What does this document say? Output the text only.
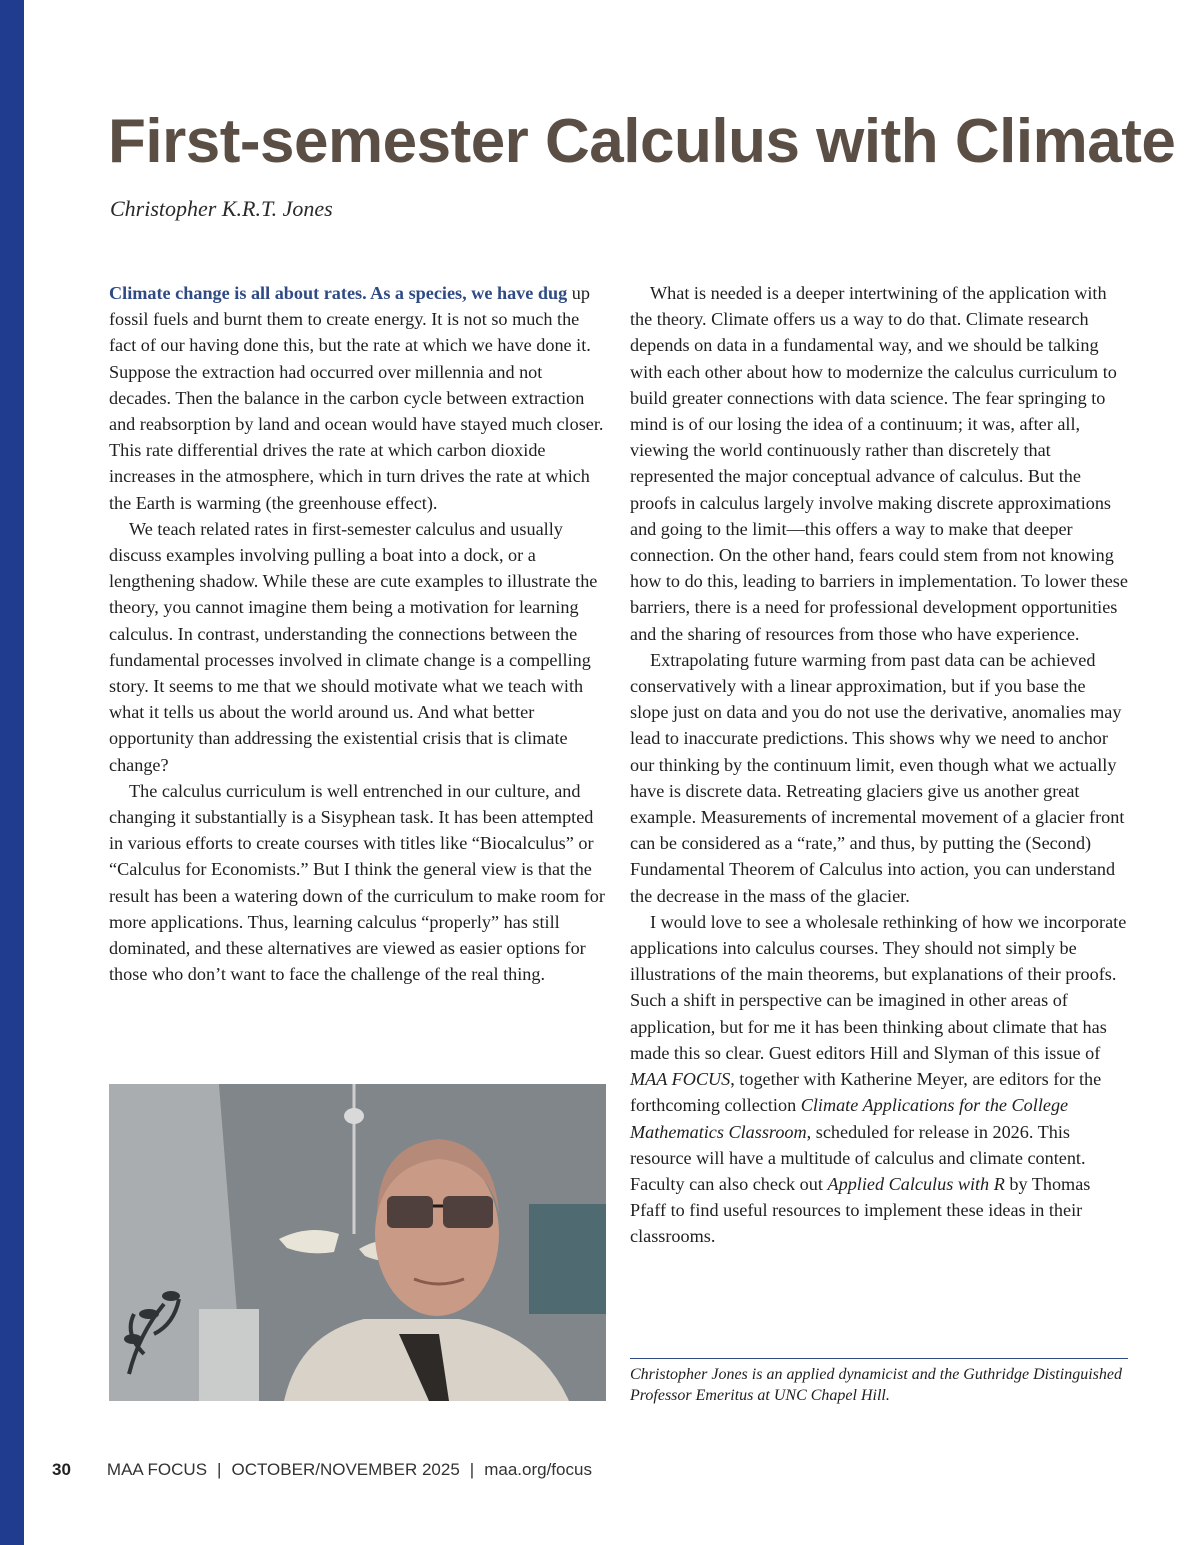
First-semester Calculus with Climate
Christopher K.R.T. Jones

Climate change is all about rates. As a species, we have dug up fossil fuels and burnt them to create energy. It is not so much the fact of our having done this, but the rate at which we have done it. Suppose the extraction had occurred over millennia and not decades. Then the balance in the carbon cycle between extraction and reabsorption by land and ocean would have stayed much closer. This rate differential drives the rate at which carbon dioxide increases in the atmosphere, which in turn drives the rate at which the Earth is warming (the greenhouse effect).

We teach related rates in first-semester calculus and usually discuss examples involving pulling a boat into a dock, or a lengthening shadow. While these are cute examples to illustrate the theory, you cannot imagine them being a motivation for learning calculus. In contrast, understanding the connections between the fundamental processes involved in climate change is a compelling story. It seems to me that we should motivate what we teach with what it tells us about the world around us. And what better opportunity than addressing the existential crisis that is climate change?

The calculus curriculum is well entrenched in our culture, and changing it substantially is a Sisyphean task. It has been attempted in various efforts to create courses with titles like “Biocalculus” or “Calculus for Economists.” But I think the general view is that the result has been a watering down of the curriculum to make room for more applications. Thus, learning calculus “properly” has still dominated, and these alternatives are viewed as easier options for those who don’t want to face the challenge of the real thing.

What is needed is a deeper intertwining of the application with the theory. Climate offers us a way to do that. Climate research depends on data in a fundamental way, and we should be talking with each other about how to modernize the calculus curriculum to build greater connections with data science. The fear springing to mind is of our losing the idea of a continuum; it was, after all, viewing the world continuously rather than discretely that represented the major conceptual advance of calculus. But the proofs in calculus largely involve making discrete approximations and going to the limit—this offers a way to make that deeper connection. On the other hand, fears could stem from not knowing how to do this, leading to barriers in implementation. To lower these barriers, there is a need for professional development opportunities and the sharing of resources from those who have experience.

Extrapolating future warming from past data can be achieved conservatively with a linear approximation, but if you base the slope just on data and you do not use the derivative, anomalies may lead to inaccurate predictions. This shows why we need to anchor our thinking by the continuum limit, even though what we actually have is discrete data. Retreating glaciers give us another great example. Measurements of incremental movement of a glacier front can be considered as a “rate,” and thus, by putting the (Second) Fundamental Theorem of Calculus into action, you can understand the decrease in the mass of the glacier.

I would love to see a wholesale rethinking of how we incorporate applications into calculus courses. They should not simply be illustrations of the main theorems, but explanations of their proofs. Such a shift in perspective can be imagined in other areas of application, but for me it has been thinking about climate that has made this so clear. Guest editors Hill and Slyman of this issue of MAA FOCUS, together with Katherine Meyer, are editors for the forthcoming collection Climate Applications for the College Mathematics Classroom, scheduled for release in 2026. This resource will have a multitude of calculus and climate content. Faculty can also check out Applied Calculus with R by Thomas Pfaff to find useful resources to implement these ideas in their classrooms.

Christopher Jones is an applied dynamicist and the Guthridge Distinguished Professor Emeritus at UNC Chapel Hill.
30 MAA FOCUS | OCTOBER/NOVEMBER 2025 | maa.org/focus
